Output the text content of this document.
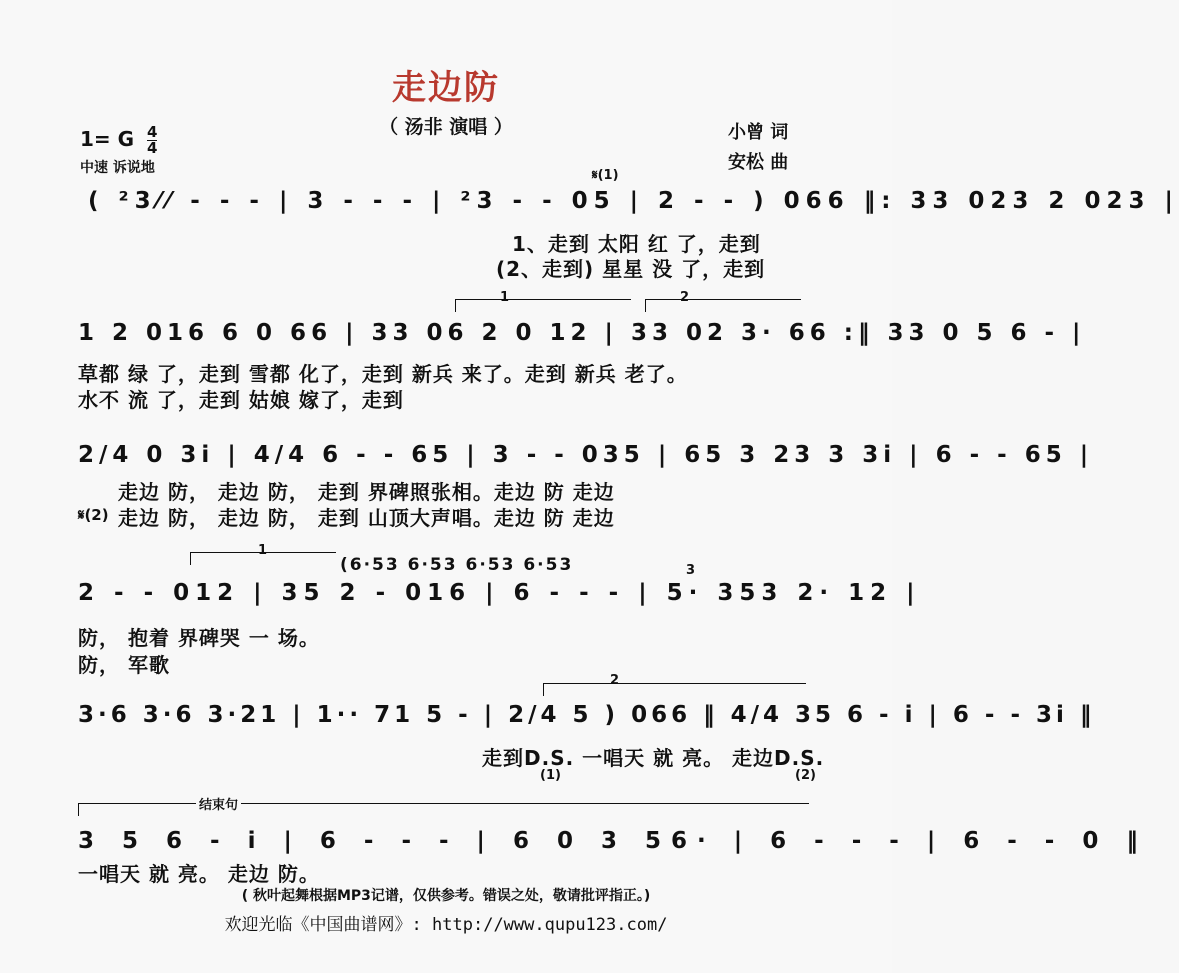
走边防
（ 汤非 演唱 ）
1= G $\frac{4}{4}$
中速 诉说地
小曾 词
安松 曲
𝄋(1)
( ²3⁄⁄ - - - | 3 - - - | ²3 - - 05 | 2 - - ) 066 ‖: 33 023 2 023 |
1、走到 太阳 红 了，走到
(2、走到) 星星 没 了，走到
1	2
1 2 016 6 0 66 | 33 06 2 0 12 | 33 02 3· 66 :‖ 33 0 5 6 - |
草都 绿 了，走到 雪都 化了，走到 新兵 来了。走到 新兵 老了。
水不 流 了，走到 姑娘 嫁了，走到
2/4 0 3i | 4/4 6 - - 65 | 3 - - 035 | 65 3 23 3 3i | 6 - - 65 |
走边 防， 走边 防， 走到 界碑照张相。走边 防 走边
𝄋(2) 走边 防， 走边 防， 走到 山顶大声唱。走边 防 走边
1
(6·53 6·53 6·53 6·53	3
2 - - 012 | 35 2 - 016 | 6 - - - | 5· 353 2· 12 |
防， 抱着 界碑哭 一 场。
防， 军歌
2
3·6 3·6 3·21 | 1·· 71 5 - | 2/4 5 ) 066 ‖ 4/4 35 6 - i | 6 - - 3i ‖
走到D.S. 一唱天 就 亮。 走边D.S.
(1)	(2)
结束句
3 5 6 - i | 6 - - - | 6 0 3 56· | 6 - - - | 6 - - 0 ‖
一唱天 就 亮。 走边 防。
( 秋叶起舞根据MP3记谱，仅供参考。错误之处，敬请批评指正。)
欢迎光临《中国曲谱网》: http://www.qupu123.com/
